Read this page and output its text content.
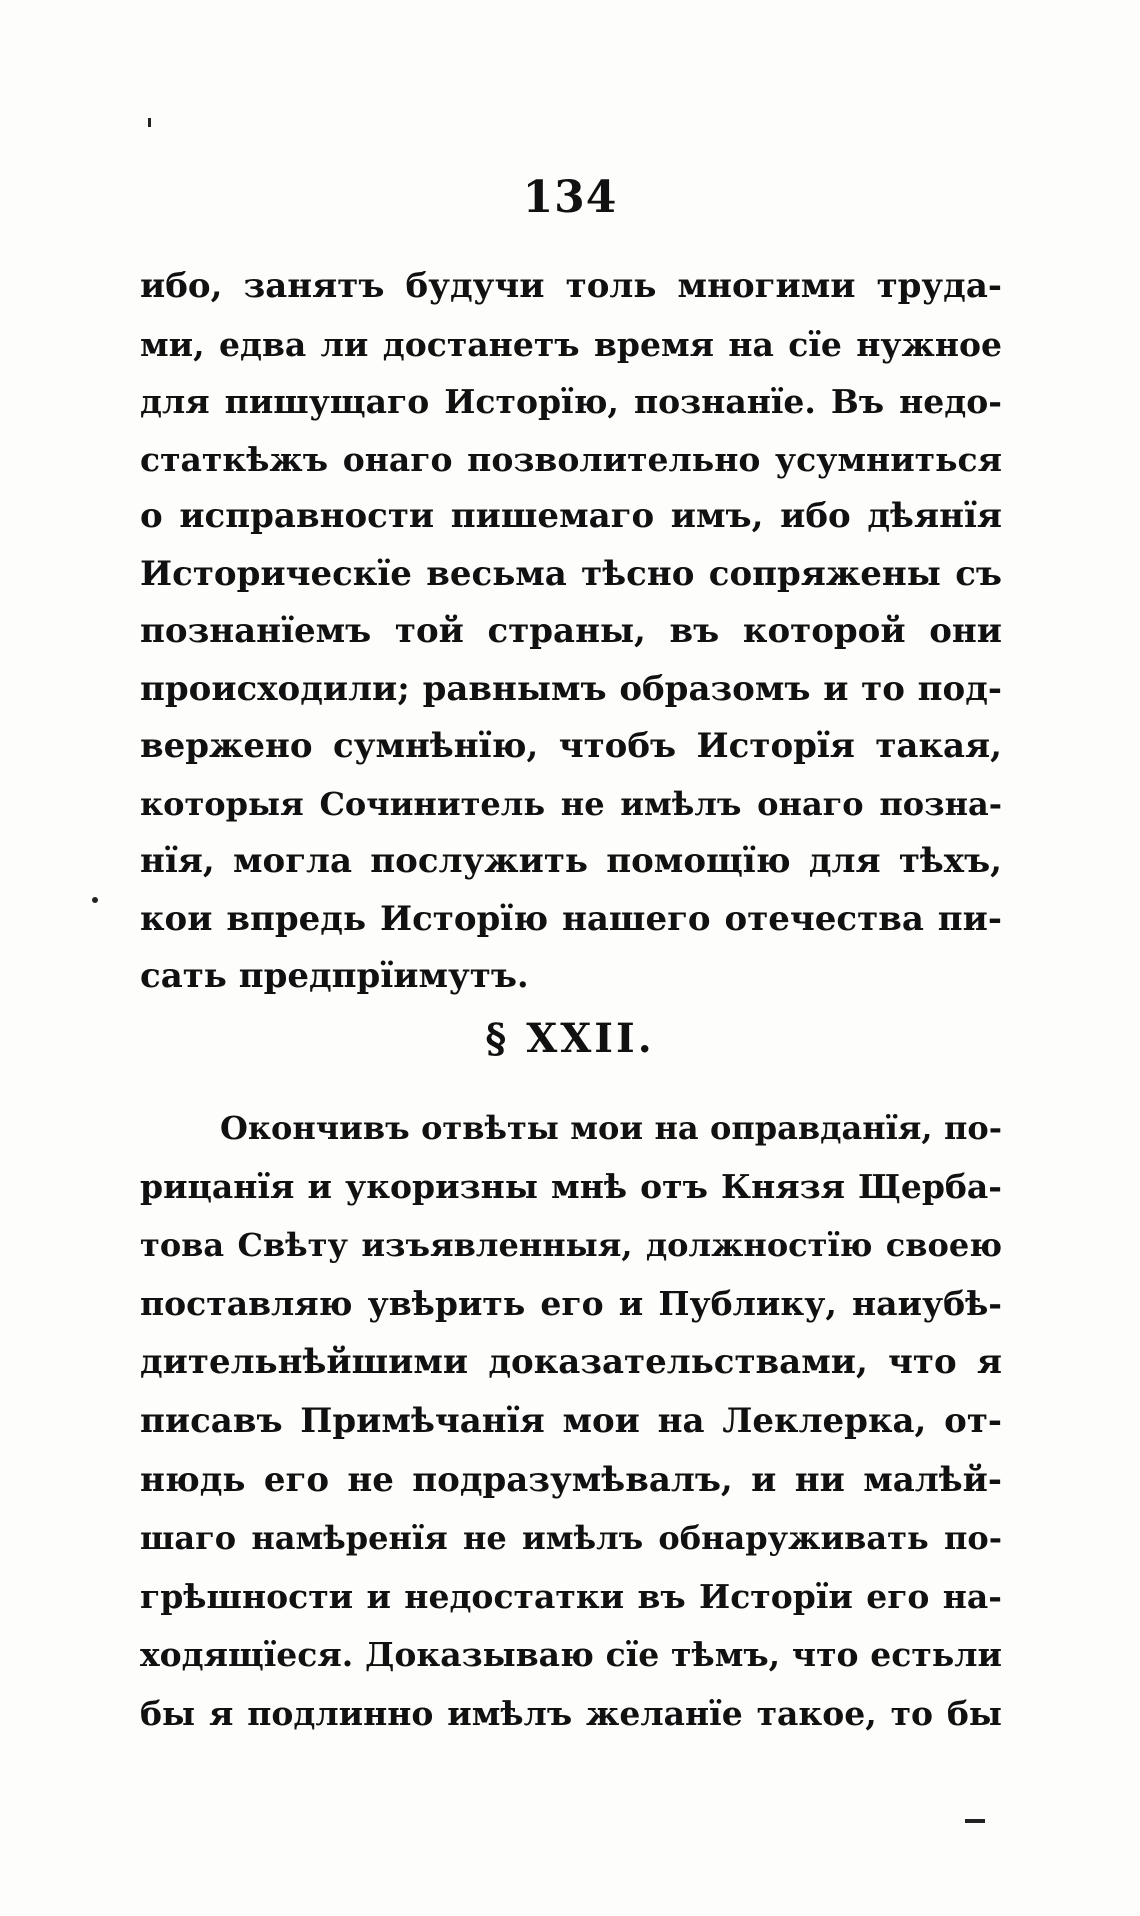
134
ибо, занятъ будучи толь многими труда-
ми, едва ли достанетъ время на сїе нужное
для пишущаго Исторїю, познанїе. Въ недо-
статкѣжъ онаго позволительно усумниться
о исправности пишемаго имъ, ибо дѣянїя
Историческїе весьма тѣсно сопряжены съ
познанїемъ той страны, въ которой они
происходили; равнымъ образомъ и то под-
вержено сумнѣнїю, чтобъ Исторїя такая,
которыя Сочинитель не имѣлъ онаго позна-
нїя, могла послужить помощїю для тѣхъ,
кои впредь Исторїю нашего отечества пи-
сать предпрїимутъ.
§ XXII.
Окончивъ отвѣты мои на оправданїя, по-
рицанїя и укоризны мнѣ отъ Князя Щерба-
това Свѣту изъявленныя, должностїю своею
поставляю увѣрить его и Публику, наиубѣ-
дительнѣйшими доказательствами, что я
писавъ Примѣчанїя мои на Леклерка, от-
нюдь его не подразумѣвалъ, и ни малѣй-
шаго намѣренїя не имѣлъ обнаруживать по-
грѣшности и недостатки въ Исторїи его на-
ходящїеся. Доказываю сїе тѣмъ, что естьли
бы я подлинно имѣлъ желанїе такое, то бы
